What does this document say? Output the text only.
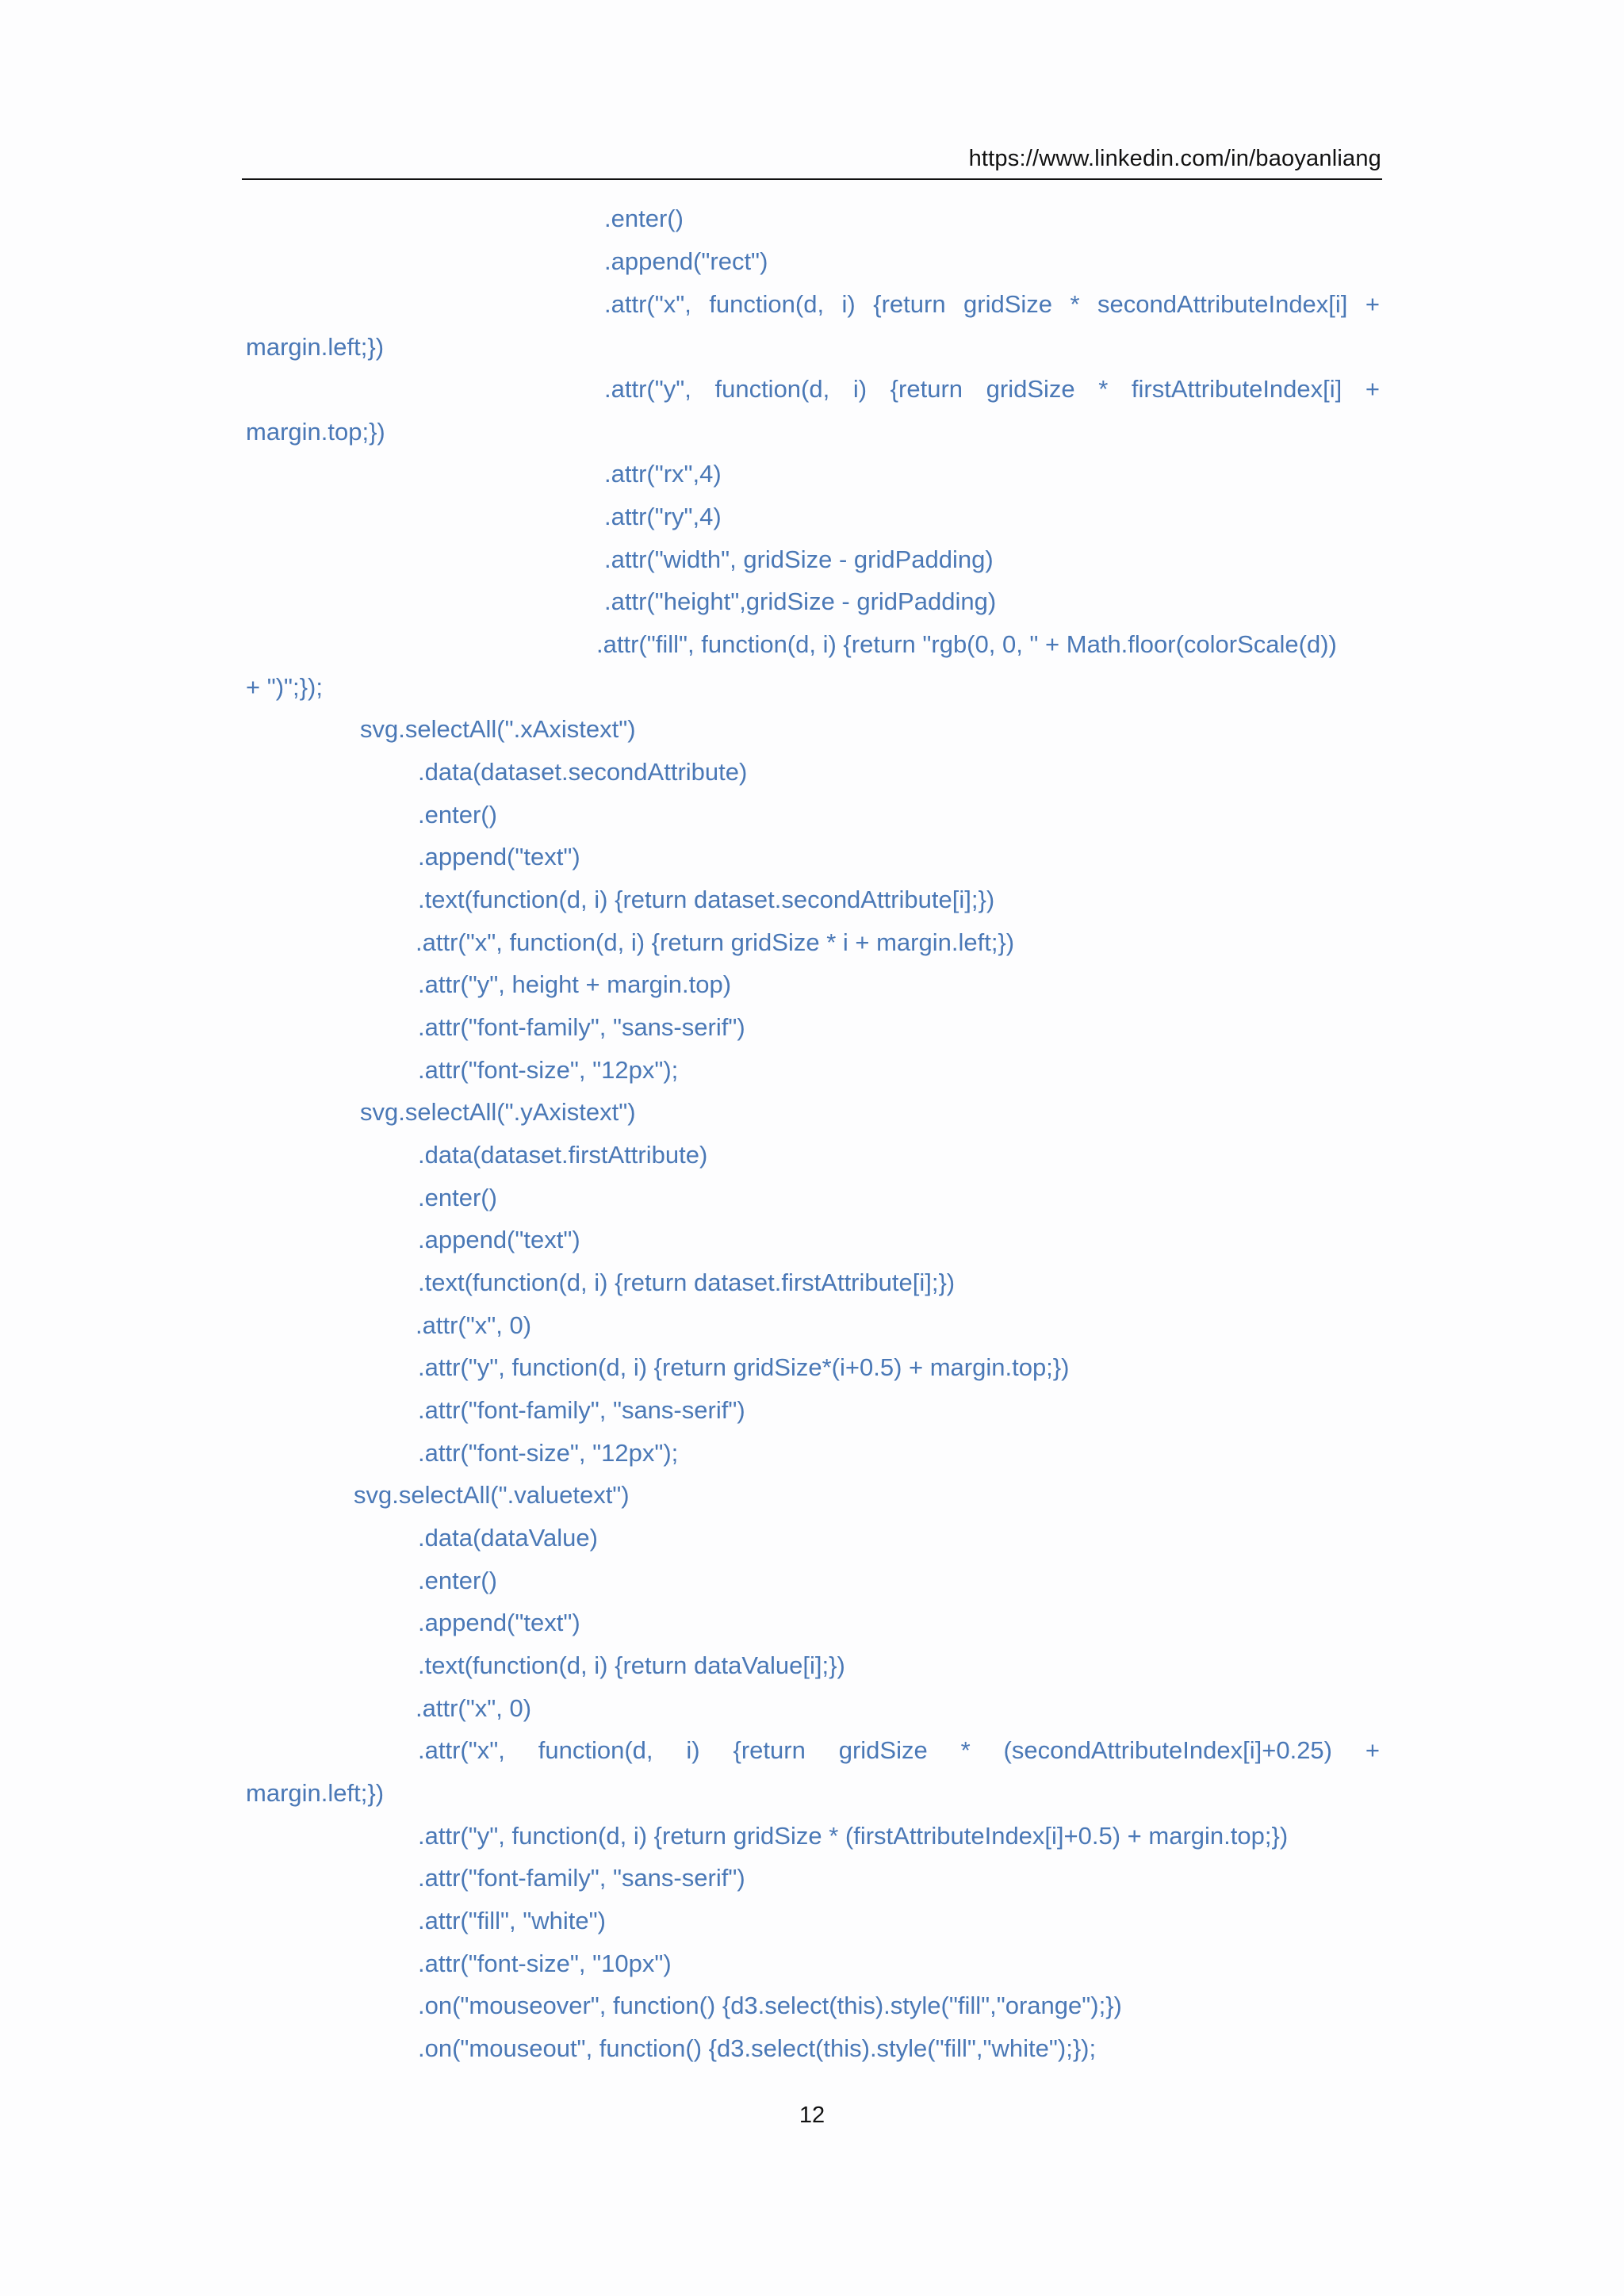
https://www.linkedin.com/in/baoyanliang
.enter()
.append("rect")
.attr("x", function(d, i) {return gridSize * secondAttributeIndex[i] +
margin.left;})
.attr("y", function(d, i) {return gridSize * firstAttributeIndex[i] +
margin.top;})
.attr("rx",4)
.attr("ry",4)
.attr("width", gridSize - gridPadding)
.attr("height",gridSize - gridPadding)
.attr("fill", function(d, i) {return "rgb(0, 0, " + Math.floor(colorScale(d))
+ ")";});
svg.selectAll(".xAxistext")
.data(dataset.secondAttribute)
.enter()
.append("text")
.text(function(d, i) {return dataset.secondAttribute[i];})
.attr("x", function(d, i) {return gridSize * i + margin.left;})
.attr("y", height + margin.top)
.attr("font-family", "sans-serif")
.attr("font-size", "12px");
svg.selectAll(".yAxistext")
.data(dataset.firstAttribute)
.enter()
.append("text")
.text(function(d, i) {return dataset.firstAttribute[i];})
.attr("x", 0)
.attr("y", function(d, i) {return gridSize*(i+0.5) + margin.top;})
.attr("font-family", "sans-serif")
.attr("font-size", "12px");
svg.selectAll(".valuetext")
.data(dataValue)
.enter()
.append("text")
.text(function(d, i) {return dataValue[i];})
.attr("x", 0)
.attr("x", function(d, i) {return gridSize * (secondAttributeIndex[i]+0.25) +
margin.left;})
.attr("y", function(d, i) {return gridSize * (firstAttributeIndex[i]+0.5) + margin.top;})
.attr("font-family", "sans-serif")
.attr("fill", "white")
.attr("font-size", "10px")
.on("mouseover", function() {d3.select(this).style("fill","orange");})
.on("mouseout", function() {d3.select(this).style("fill","white");});
12
